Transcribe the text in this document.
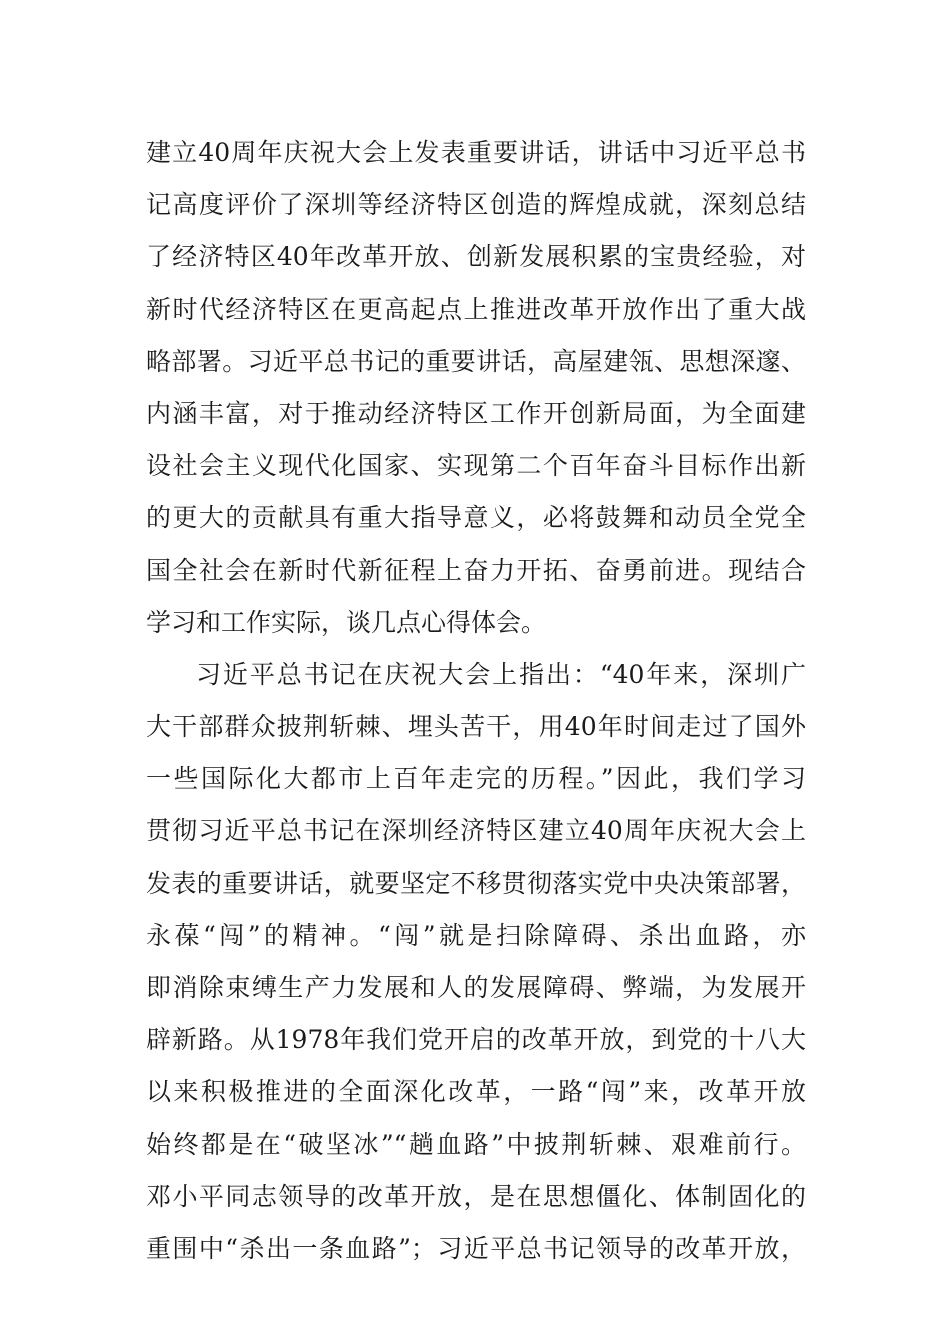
建立40周年庆祝大会上发表重要讲话，讲话中习近平总书
记高度评价了深圳等经济特区创造的辉煌成就，深刻总结
了经济特区40年改革开放、创新发展积累的宝贵经验，对
新时代经济特区在更高起点上推进改革开放作出了重大战
略部署。习近平总书记的重要讲话，高屋建瓴、思想深邃、
内涵丰富，对于推动经济特区工作开创新局面，为全面建
设社会主义现代化国家、实现第二个百年奋斗目标作出新
的更大的贡献具有重大指导意义，必将鼓舞和动员全党全
国全社会在新时代新征程上奋力开拓、奋勇前进。现结合
学习和工作实际，谈几点心得体会。
习近平总书记在庆祝大会上指出：“40年来，深圳广
大干部群众披荆斩棘、埋头苦干，用40年时间走过了国外
一些国际化大都市上百年走完的历程。”因此，我们学习
贯彻习近平总书记在深圳经济特区建立40周年庆祝大会上
发表的重要讲话，就要坚定不移贯彻落实党中央决策部署，
永葆“闯”的精神。“闯”就是扫除障碍、杀出血路，亦
即消除束缚生产力发展和人的发展障碍、弊端，为发展开
辟新路。从1978年我们党开启的改革开放，到党的十八大
以来积极推进的全面深化改革，一路“闯”来，改革开放
始终都是在“破坚冰”“趟血路”中披荆斩棘、艰难前行。
邓小平同志领导的改革开放，是在思想僵化、体制固化的
重围中“杀出一条血路”；习近平总书记领导的改革开放，
